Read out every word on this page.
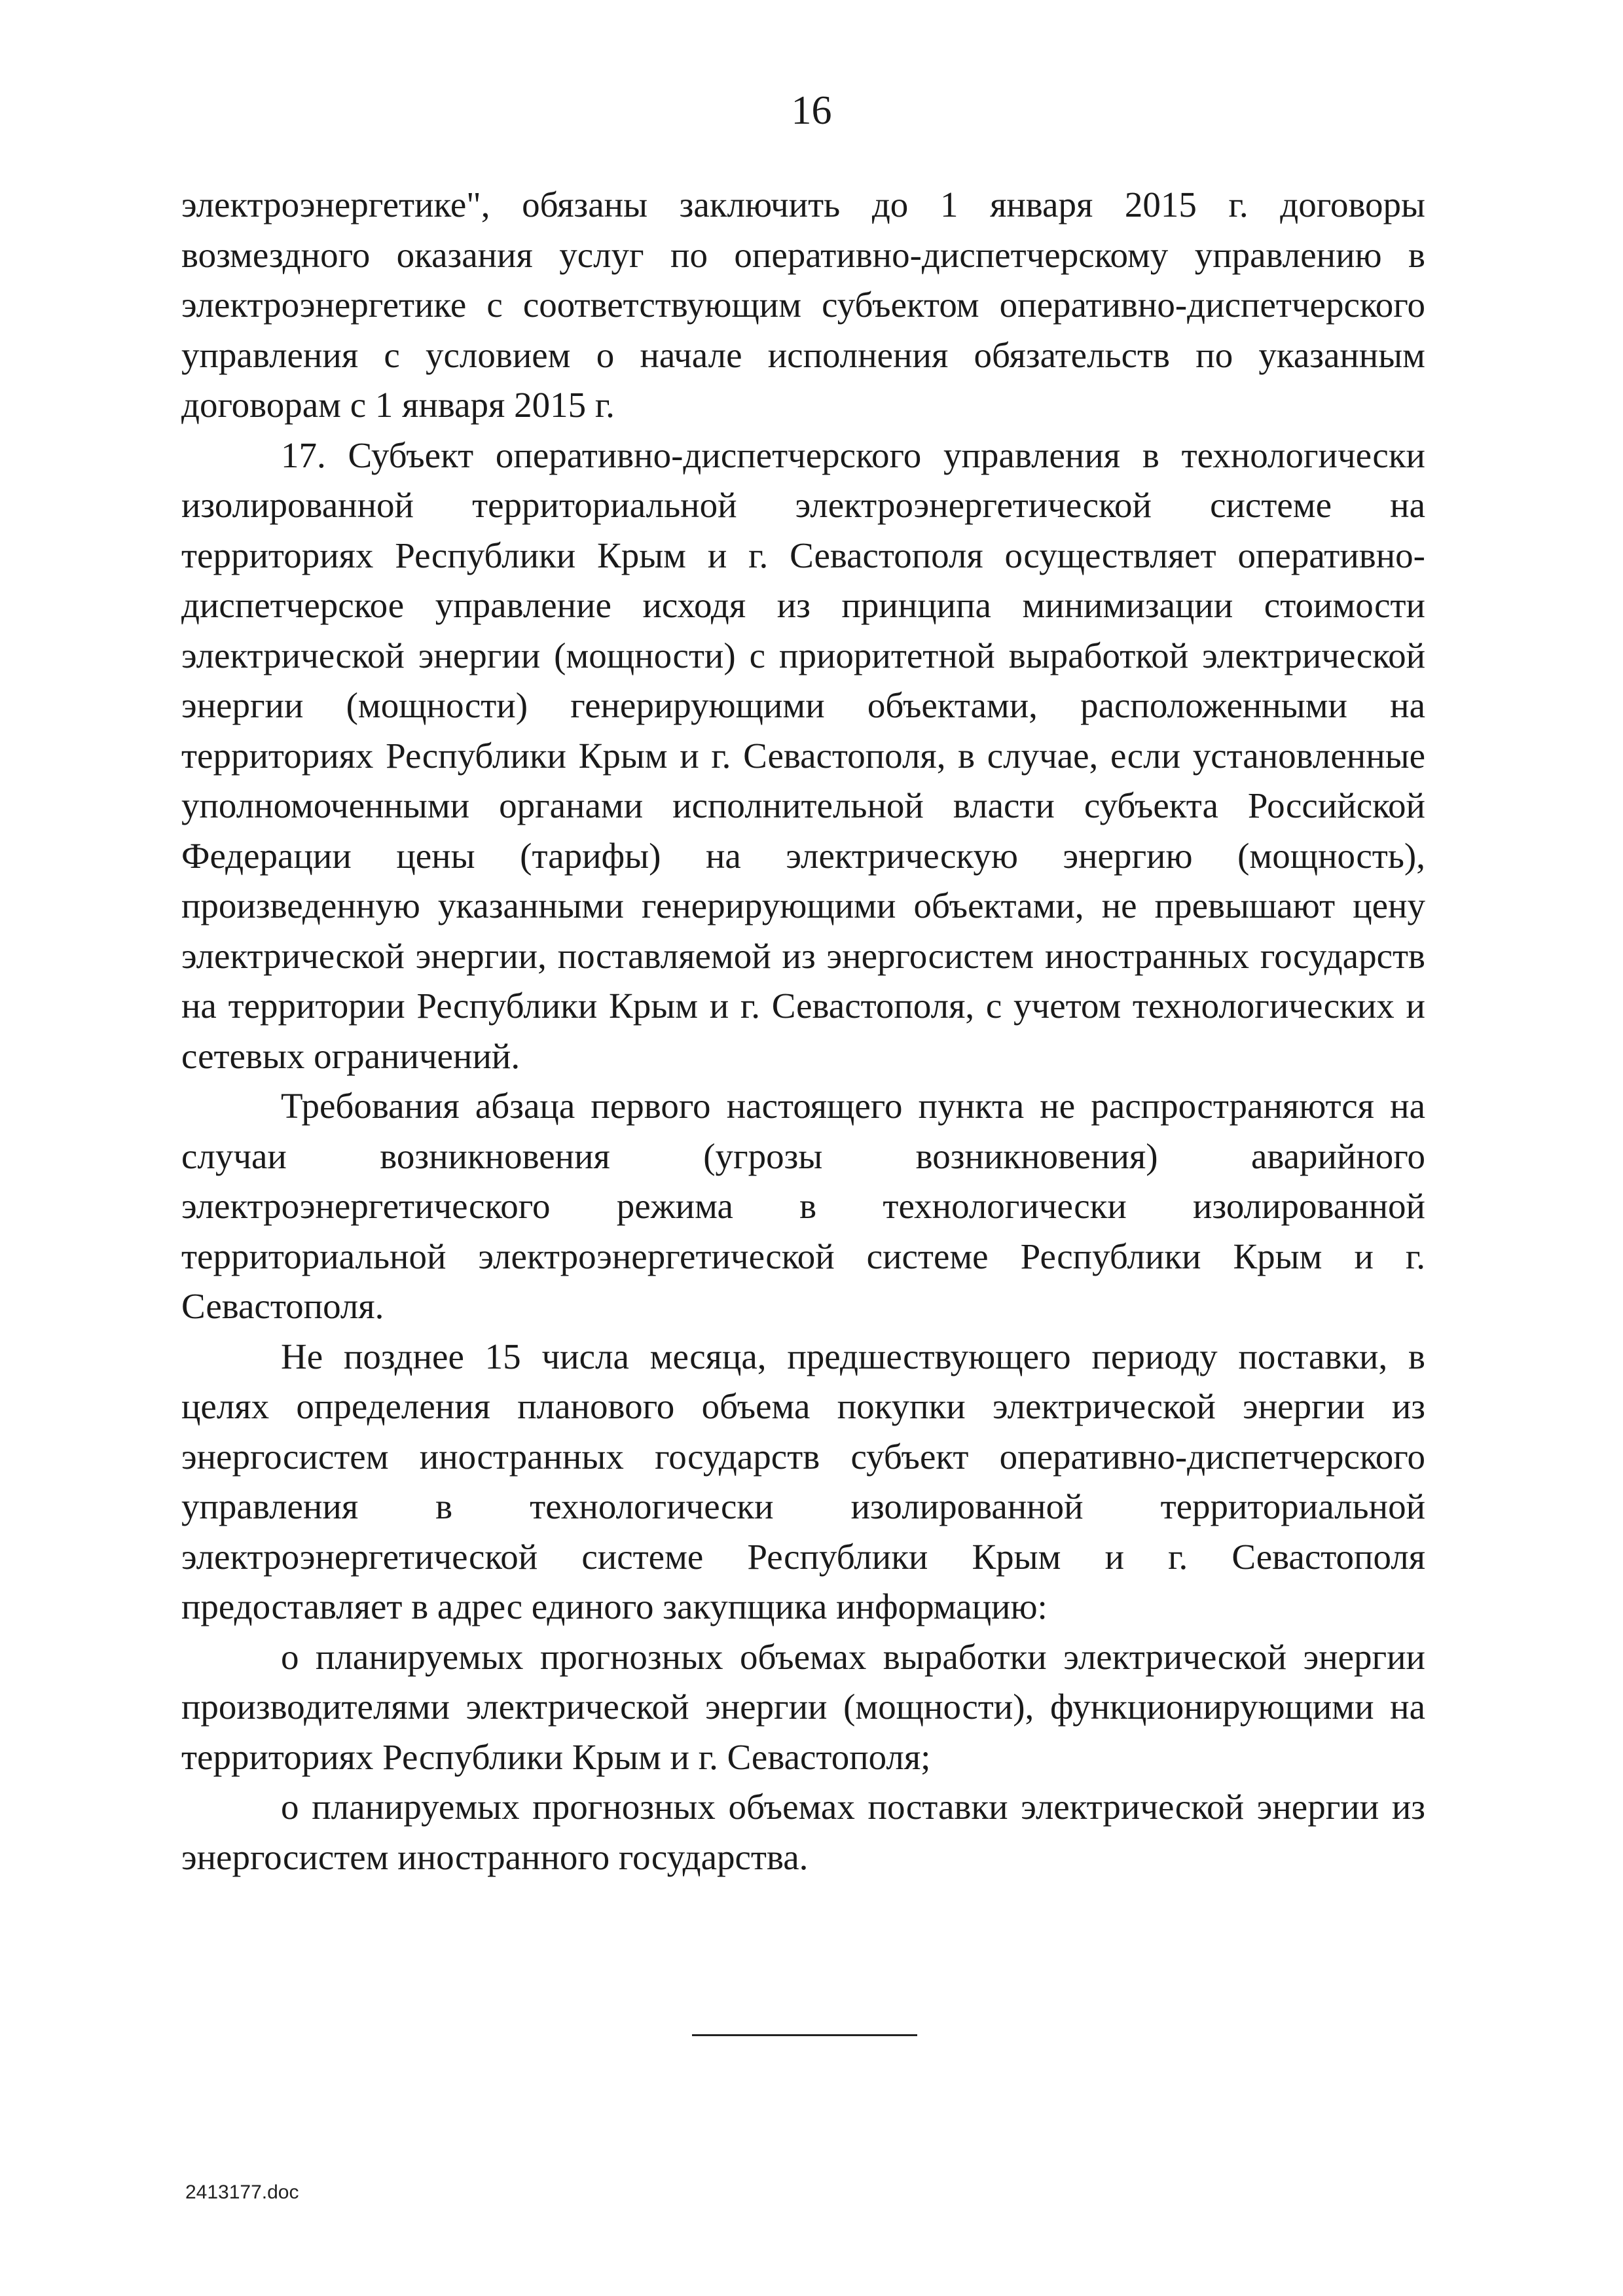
16

электроэнергетике", обязаны заключить до 1 января 2015 г. договоры возмездного оказания услуг по оперативно-диспетчерскому управлению в электроэнергетике с соответствующим субъектом оперативно-диспетчерского управления с условием о начале исполнения обязательств по указанным договорам с 1 января 2015 г.

17. Субъект оперативно-диспетчерского управления в технологически изолированной территориальной электроэнергетической системе на территориях Республики Крым и г. Севастополя осуществляет оперативно-диспетчерское управление исходя из принципа минимизации стоимости электрической энергии (мощности) с приоритетной выработкой электрической энергии (мощности) генерирующими объектами, расположенными на территориях Республики Крым и г. Севастополя, в случае, если установленные уполномоченными органами исполнительной власти субъекта Российской Федерации цены (тарифы) на электрическую энергию (мощность), произведенную указанными генерирующими объектами, не превышают цену электрической энергии, поставляемой из энергосистем иностранных государств на территории Республики Крым и г. Севастополя, с учетом технологических и сетевых ограничений.

Требования абзаца первого настоящего пункта не распространяются на случаи возникновения (угрозы возникновения) аварийного электроэнергетического режима в технологически изолированной территориальной электроэнергетической системе Республики Крым и г. Севастополя.

Не позднее 15 числа месяца, предшествующего периоду поставки, в целях определения планового объема покупки электрической энергии из энергосистем иностранных государств субъект оперативно-диспетчерского управления в технологически изолированной территориальной электроэнергетической системе Республики Крым и г. Севастополя предоставляет в адрес единого закупщика информацию:

о планируемых прогнозных объемах выработки электрической энергии производителями электрической энергии (мощности), функционирующими на территориях Республики Крым и г. Севастополя;

о планируемых прогнозных объемах поставки электрической энергии из энергосистем иностранного государства.

2413177.doc
